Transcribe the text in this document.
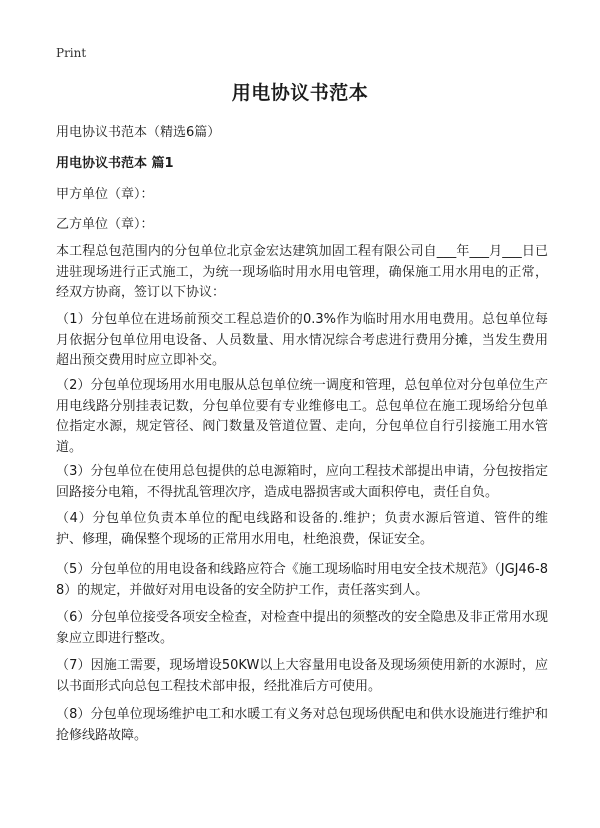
Print
用电协议书范本
用电协议书范本（精选6篇）
用电协议书范本 篇1
甲方单位（章）：
乙方单位（章）：
本工程总包范围内的分包单位北京金宏达建筑加固工程有限公司自___年___月___日已进驻现场进行正式施工，为统一现场临时用水用电管理，确保施工用水用电的正常，经双方协商，签订以下协议：
（1）分包单位在进场前预交工程总造价的0.3%作为临时用水用电费用。总包单位每月依据分包单位用电设备、人员数量、用水情况综合考虑进行费用分摊，当发生费用超出预交费用时应立即补交。
（2）分包单位现场用水用电服从总包单位统一调度和管理，总包单位对分包单位生产用电线路分别挂表记数，分包单位要有专业维修电工。总包单位在施工现场给分包单位指定水源，规定管径、阀门数量及管道位置、走向，分包单位自行引接施工用水管道。
（3）分包单位在使用总包提供的总电源箱时，应向工程技术部提出申请，分包按指定回路接分电箱，不得扰乱管理次序，造成电器损害或大面积停电，责任自负。
（4）分包单位负责本单位的配电线路和设备的.维护；负责水源后管道、管件的维护、修理，确保整个现场的正常用水用电，杜绝浪费，保证安全。
（5）分包单位的用电设备和线路应符合《施工现场临时用电安全技术规范》（JGJ46-88）的规定，并做好对用电设备的安全防护工作，责任落实到人。
（6）分包单位接受各项安全检查，对检查中提出的须整改的安全隐患及非正常用水现象应立即进行整改。
（7）因施工需要，现场增设50KW以上大容量用电设备及现场须使用新的水源时，应以书面形式向总包工程技术部申报，经批准后方可使用。
（8）分包单位现场维护电工和水暖工有义务对总包现场供配电和供水设施进行维护和抢修线路故障。
